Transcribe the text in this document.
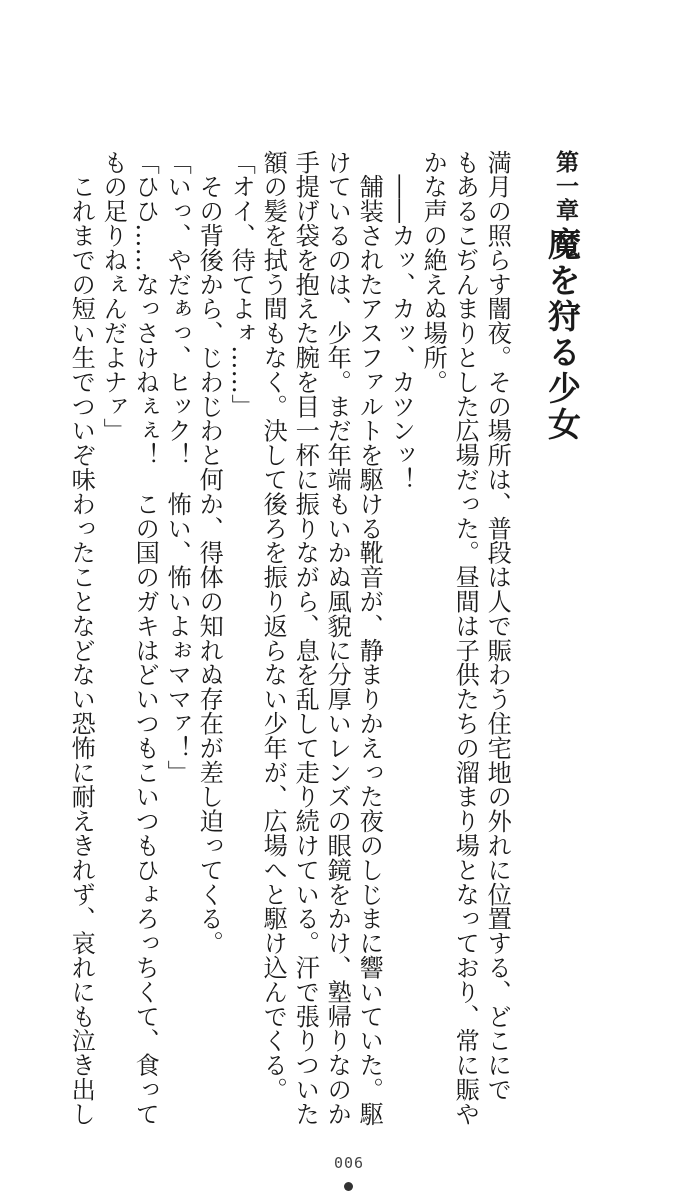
第一章
魔を狩る少女

満月の照らす闇夜。その場所は、普段は人で賑わう住宅地の外れに位置する、どこにで

もあるこぢんまりとした広場だった。昼間は子供たちの溜まり場となっており、常に賑や

かな声の絶えぬ場所。

　――カッ、カッ、カツンッ！

　舗装されたアスファルトを駆ける靴音が、静まりかえった夜のしじまに響いていた。駆

けているのは、少年。まだ年端もいかぬ風貌に分厚いレンズの眼鏡をかけ、塾帰りなのか

手提げ袋を抱えた腕を目一杯に振りながら、息を乱して走り続けている。汗で張りついた

額の髪を拭う間もなく。決して後ろを振り返らない少年が、広場へと駆け込んでくる。

「オイ、待てよォ……」

　その背後から、じわじわと何か、得体の知れぬ存在が差し迫ってくる。

「いっ、やだぁっ、ヒック！　怖い、怖いよぉママァ！」

「ひひ……なっさけねぇぇ！　この国のガキはどいつもこいつもひょろっちくて、食って

もの足りねぇんだよナァ」

　これまでの短い生でついぞ味わったことなどない恐怖に耐えきれず、哀れにも泣き出し

006
